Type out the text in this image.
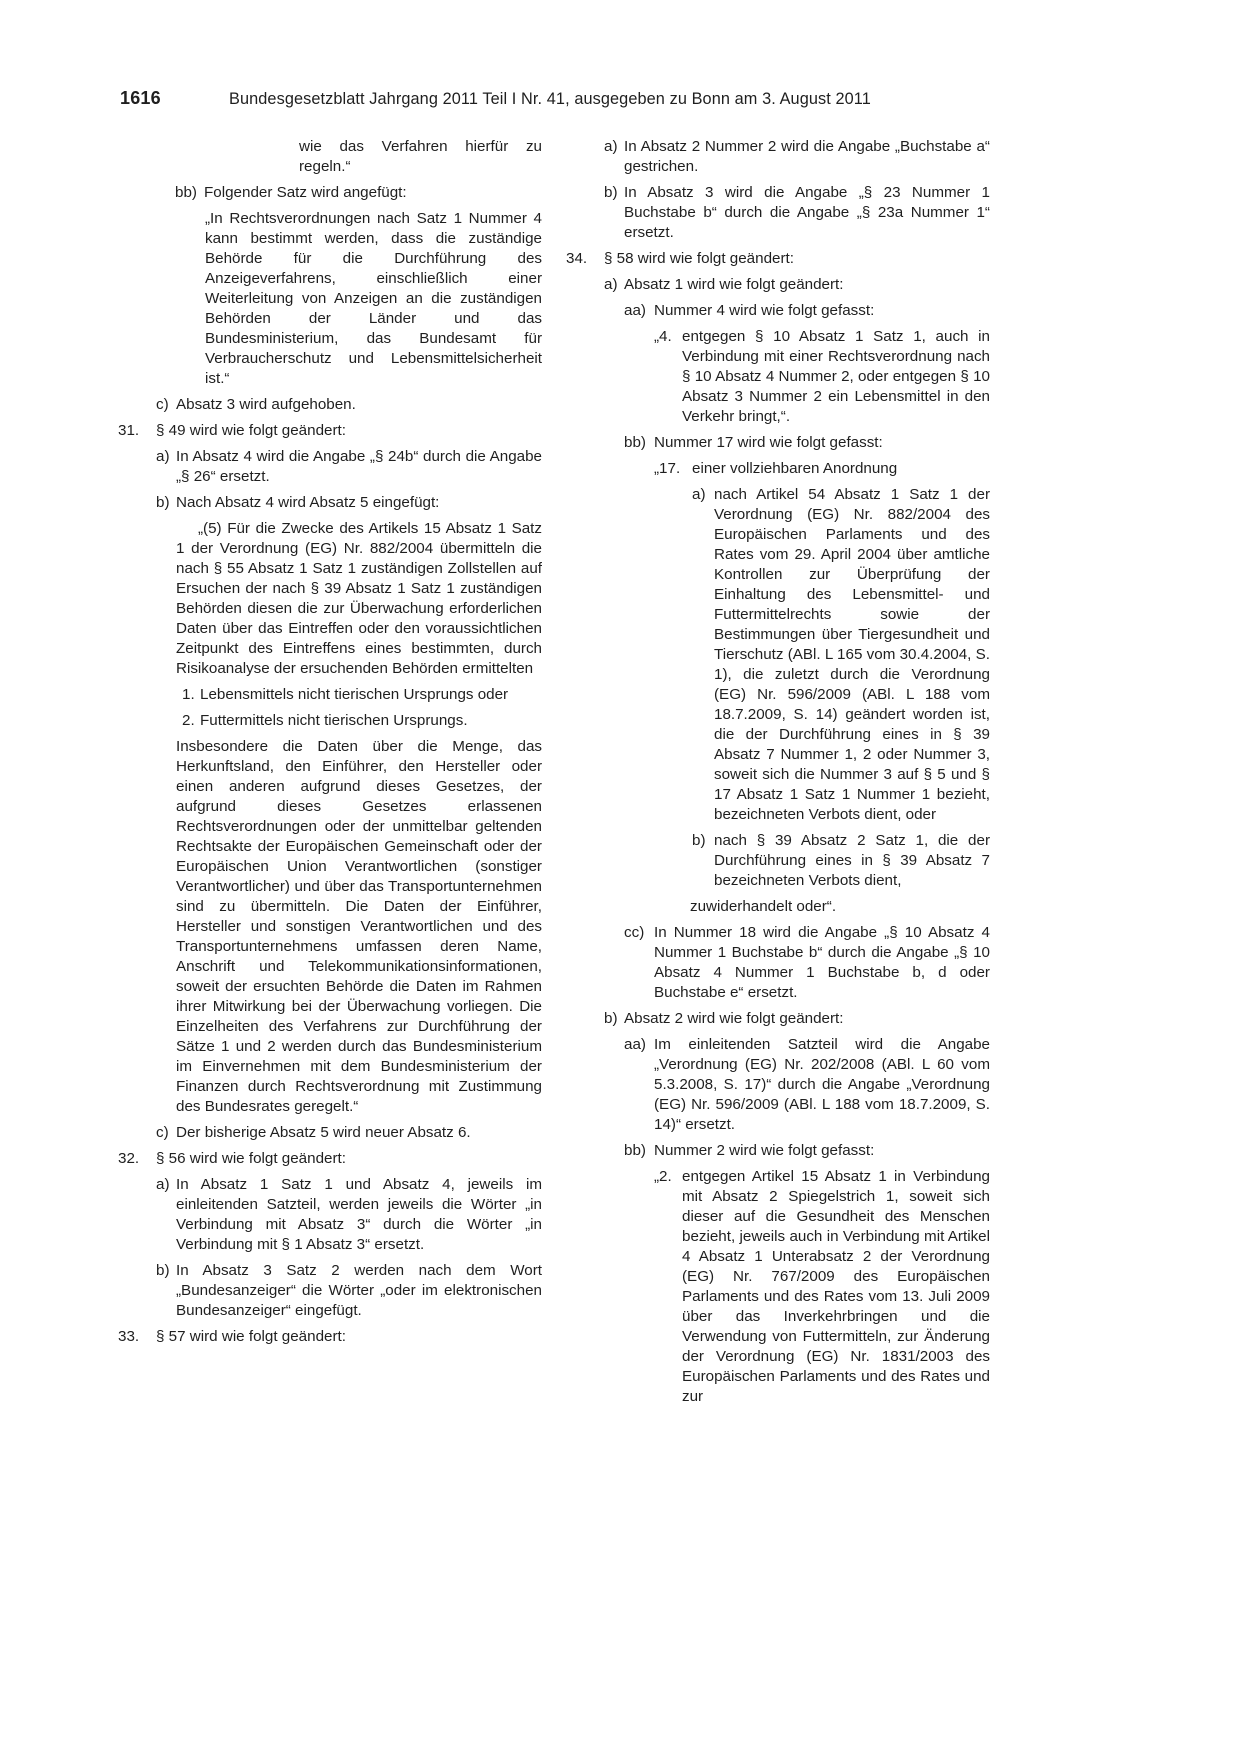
1616	Bundesgesetzblatt Jahrgang 2011 Teil I Nr. 41, ausgegeben zu Bonn am 3. August 2011

wie das Verfahren hierfür zu regeln.“

bb) Folgender Satz wird angefügt:

„In Rechtsverordnungen nach Satz 1 Nummer 4 kann bestimmt werden, dass die zuständige Behörde für die Durchführung des Anzeigeverfahrens, einschließlich einer Weiterleitung von Anzeigen an die zuständigen Behörden der Länder und das Bundesministerium, das Bundesamt für Verbraucherschutz und Lebensmittelsicherheit ist.“

c) Absatz 3 wird aufgehoben.

31.	§ 49 wird wie folgt geändert:

a) In Absatz 4 wird die Angabe „§ 24b“ durch die Angabe „§ 26“ ersetzt.

b) Nach Absatz 4 wird Absatz 5 eingefügt:

„(5) Für die Zwecke des Artikels 15 Absatz 1 Satz 1 der Verordnung (EG) Nr. 882/2004 übermitteln die nach § 55 Absatz 1 Satz 1 zuständigen Zollstellen auf Ersuchen der nach § 39 Absatz 1 Satz 1 zuständigen Behörden diesen die zur Überwachung erforderlichen Daten über das Eintreffen oder den voraussichtlichen Zeitpunkt des Eintreffens eines bestimmten, durch Risikoanalyse der ersuchenden Behörden ermittelten

1. Lebensmittels nicht tierischen Ursprungs oder

2. Futtermittels nicht tierischen Ursprungs.

Insbesondere die Daten über die Menge, das Herkunftsland, den Einführer, den Hersteller oder einen anderen aufgrund dieses Gesetzes, der aufgrund dieses Gesetzes erlassenen Rechtsverordnungen oder der unmittelbar geltenden Rechtsakte der Europäischen Gemeinschaft oder der Europäischen Union Verantwortlichen (sonstiger Verantwortlicher) und über das Transportunternehmen sind zu übermitteln. Die Daten der Einführer, Hersteller und sonstigen Verantwortlichen und des Transportunternehmens umfassen deren Name, Anschrift und Telekommunikationsinformationen, soweit der ersuchten Behörde die Daten im Rahmen ihrer Mitwirkung bei der Überwachung vorliegen. Die Einzelheiten des Verfahrens zur Durchführung der Sätze 1 und 2 werden durch das Bundesministerium im Einvernehmen mit dem Bundesministerium der Finanzen durch Rechtsverordnung mit Zustimmung des Bundesrates geregelt.“

c) Der bisherige Absatz 5 wird neuer Absatz 6.

32.	§ 56 wird wie folgt geändert:

a) In Absatz 1 Satz 1 und Absatz 4, jeweils im einleitenden Satzteil, werden jeweils die Wörter „in Verbindung mit Absatz 3“ durch die Wörter „in Verbindung mit § 1 Absatz 3“ ersetzt.

b) In Absatz 3 Satz 2 werden nach dem Wort „Bundesanzeiger“ die Wörter „oder im elektronischen Bundesanzeiger“ eingefügt.

33.	§ 57 wird wie folgt geändert:

a) In Absatz 2 Nummer 2 wird die Angabe „Buchstabe a“ gestrichen.

b) In Absatz 3 wird die Angabe „§ 23 Nummer 1 Buchstabe b“ durch die Angabe „§ 23a Nummer 1“ ersetzt.

34.	§ 58 wird wie folgt geändert:

a) Absatz 1 wird wie folgt geändert:

aa) Nummer 4 wird wie folgt gefasst:

„4. entgegen § 10 Absatz 1 Satz 1, auch in Verbindung mit einer Rechtsverordnung nach § 10 Absatz 4 Nummer 2, oder entgegen § 10 Absatz 3 Nummer 2 ein Lebensmittel in den Verkehr bringt,“.

bb) Nummer 17 wird wie folgt gefasst:

„17. einer vollziehbaren Anordnung

a) nach Artikel 54 Absatz 1 Satz 1 der Verordnung (EG) Nr. 882/2004 des Europäischen Parlaments und des Rates vom 29. April 2004 über amtliche Kontrollen zur Überprüfung der Einhaltung des Lebensmittel- und Futtermittelrechts sowie der Bestimmungen über Tiergesundheit und Tierschutz (ABl. L 165 vom 30.4.2004, S. 1), die zuletzt durch die Verordnung (EG) Nr. 596/2009 (ABl. L 188 vom 18.7.2009, S. 14) geändert worden ist, die der Durchführung eines in § 39 Absatz 7 Nummer 1, 2 oder Nummer 3, soweit sich die Nummer 3 auf § 5 und § 17 Absatz 1 Satz 1 Nummer 1 bezieht, bezeichneten Verbots dient, oder

b) nach § 39 Absatz 2 Satz 1, die der Durchführung eines in § 39 Absatz 7 bezeichneten Verbots dient,

zuwiderhandelt oder“.

cc) In Nummer 18 wird die Angabe „§ 10 Absatz 4 Nummer 1 Buchstabe b“ durch die Angabe „§ 10 Absatz 4 Nummer 1 Buchstabe b, d oder Buchstabe e“ ersetzt.

b) Absatz 2 wird wie folgt geändert:

aa) Im einleitenden Satzteil wird die Angabe „Verordnung (EG) Nr. 202/2008 (ABl. L 60 vom 5.3.2008, S. 17)“ durch die Angabe „Verordnung (EG) Nr. 596/2009 (ABl. L 188 vom 18.7.2009, S. 14)“ ersetzt.

bb) Nummer 2 wird wie folgt gefasst:

„2. entgegen Artikel 15 Absatz 1 in Verbindung mit Absatz 2 Spiegelstrich 1, soweit sich dieser auf die Gesundheit des Menschen bezieht, jeweils auch in Verbindung mit Artikel 4 Absatz 1 Unterabsatz 2 der Verordnung (EG) Nr. 767/2009 des Europäischen Parlaments und des Rates vom 13. Juli 2009 über das Inverkehrbringen und die Verwendung von Futtermitteln, zur Änderung der Verordnung (EG) Nr. 1831/2003 des Europäischen Parlaments und des Rates und zur
